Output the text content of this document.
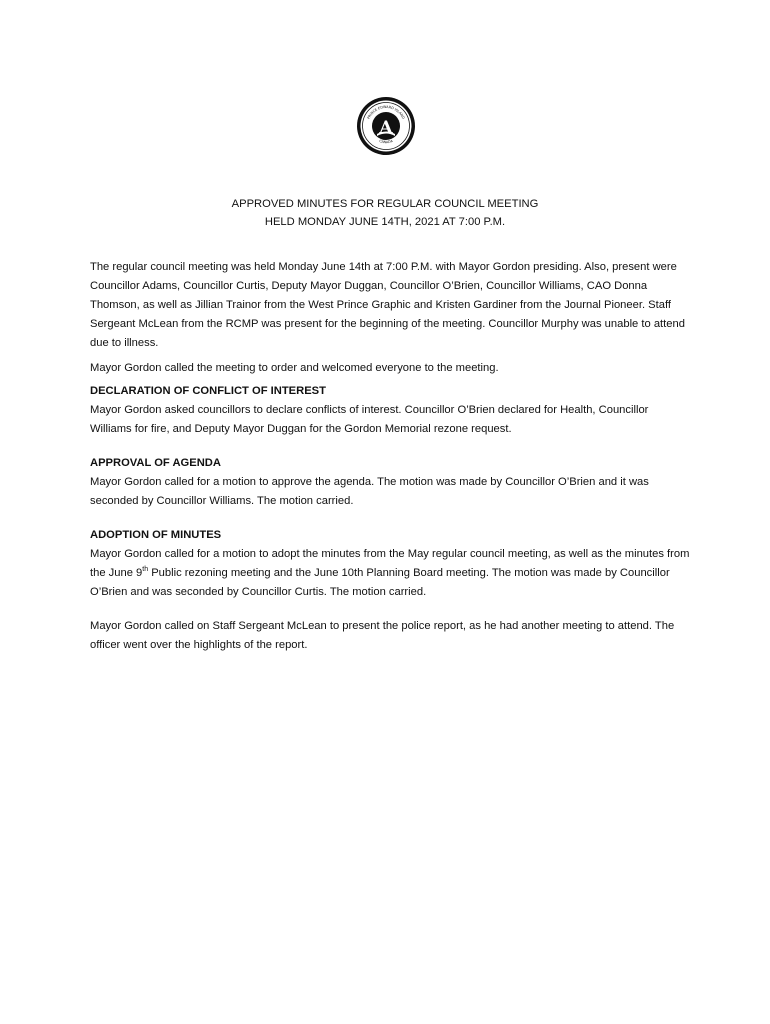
PRINCE EDWARD ISLAND
CANADA
A
APPROVED MINUTES FOR REGULAR COUNCIL MEETING
HELD MONDAY JUNE 14TH, 2021 AT 7:00 P.M.

The regular council meeting was held Monday June 14th at 7:00 P.M. with Mayor Gordon presiding. Also, present were Councillor Adams, Councillor Curtis, Deputy Mayor Duggan, Councillor O’Brien, Councillor Williams, CAO Donna Thomson, as well as Jillian Trainor from the West Prince Graphic and Kristen Gardiner from the Journal Pioneer. Staff Sergeant McLean from the RCMP was present for the beginning of the meeting. Councillor Murphy was unable to attend due to illness.

Mayor Gordon called the meeting to order and welcomed everyone to the meeting.

DECLARATION OF CONFLICT OF INTEREST

Mayor Gordon asked councillors to declare conflicts of interest. Councillor O’Brien declared for Health, Councillor Williams for fire, and Deputy Mayor Duggan for the Gordon Memorial rezone request.

APPROVAL OF AGENDA

Mayor Gordon called for a motion to approve the agenda. The motion was made by Councillor O’Brien and it was seconded by Councillor Williams. The motion carried.

ADOPTION OF MINUTES

Mayor Gordon called for a motion to adopt the minutes from the May regular council meeting, as well as the minutes from the June 9th Public rezoning meeting and the June 10th Planning Board meeting. The motion was made by Councillor O’Brien and was seconded by Councillor Curtis. The motion carried.

Mayor Gordon called on Staff Sergeant McLean to present the police report, as he had another meeting to attend. The officer went over the highlights of the report.
